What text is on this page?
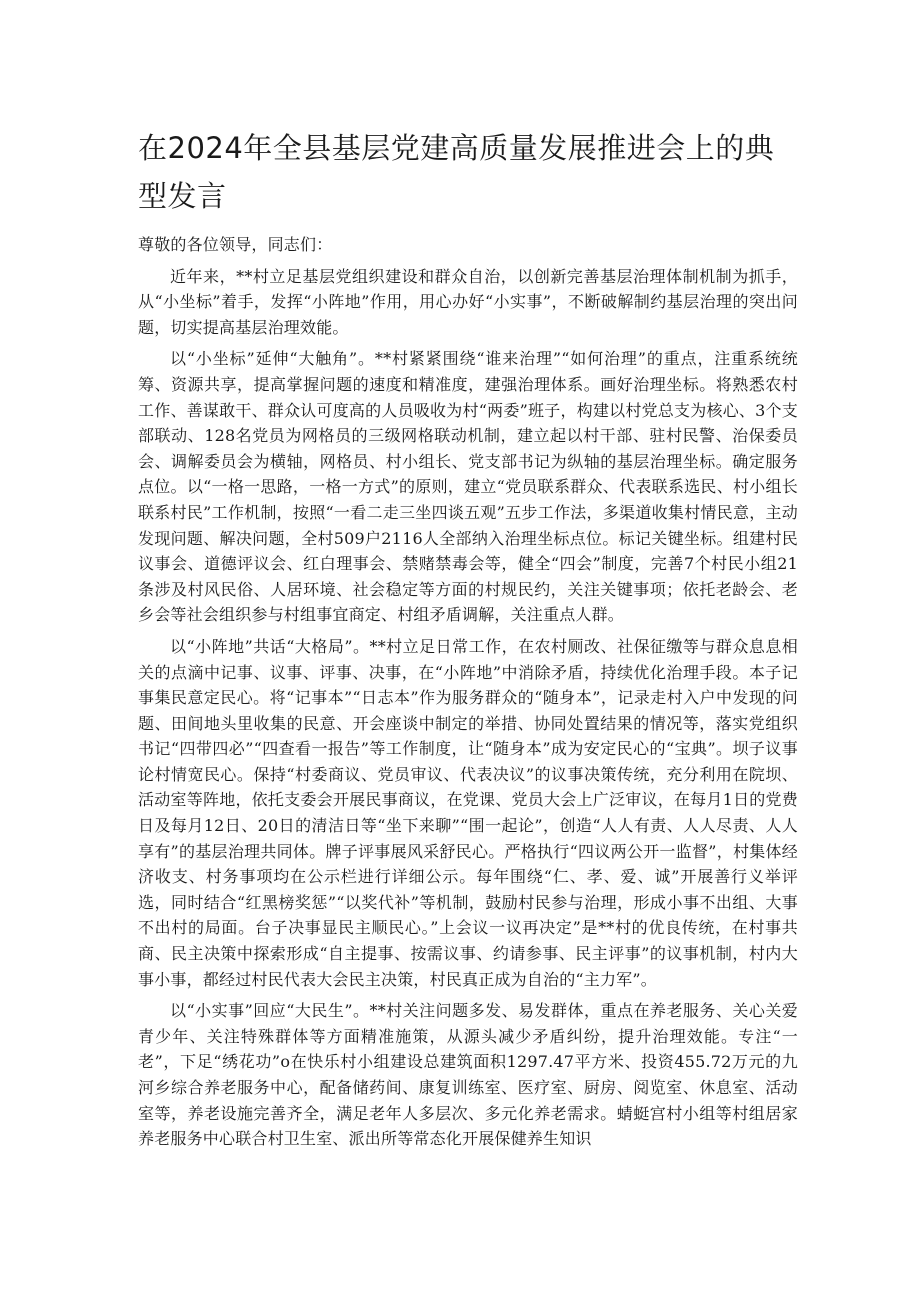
在2024年全县基层党建高质量发展推进会上的典型发言

尊敬的各位领导，同志们：

近年来，**村立足基层党组织建设和群众自治，以创新完善基层治理体制机制为抓手，从“小坐标”着手，发挥“小阵地”作用，用心办好“小实事”，不断破解制约基层治理的突出问题，切实提高基层治理效能。

以“小坐标”延伸“大触角”。**村紧紧围绕“谁来治理”“如何治理”的重点，注重系统统筹、资源共享，提高掌握问题的速度和精准度，建强治理体系。画好治理坐标。将熟悉农村工作、善谋敢干、群众认可度高的人员吸收为村“两委”班子，构建以村党总支为核心、3个支部联动、128名党员为网格员的三级网格联动机制，建立起以村干部、驻村民警、治保委员会、调解委员会为横轴，网格员、村小组长、党支部书记为纵轴的基层治理坐标。确定服务点位。以“一格一思路，一格一方式”的原则，建立“党员联系群众、代表联系选民、村小组长联系村民”工作机制，按照“一看二走三坐四谈五观”五步工作法，多渠道收集村情民意，主动发现问题、解决问题，全村509户2116人全部纳入治理坐标点位。标记关键坐标。组建村民议事会、道德评议会、红白理事会、禁赌禁毒会等，健全“四会”制度，完善7个村民小组21条涉及村风民俗、人居环境、社会稳定等方面的村规民约，关注关键事项；依托老龄会、老乡会等社会组织参与村组事宜商定、村组矛盾调解，关注重点人群。

以“小阵地”共话“大格局”。**村立足日常工作，在农村厕改、社保征缴等与群众息息相关的点滴中记事、议事、评事、决事，在“小阵地”中消除矛盾，持续优化治理手段。本子记事集民意定民心。将“记事本”“日志本”作为服务群众的“随身本”，记录走村入户中发现的问题、田间地头里收集的民意、开会座谈中制定的举措、协同处置结果的情况等，落实党组织书记“四带四必”“四查看一报告”等工作制度，让“随身本”成为安定民心的“宝典”。坝子议事论村情宽民心。保持“村委商议、党员审议、代表决议”的议事决策传统，充分利用在院坝、活动室等阵地，依托支委会开展民事商议，在党课、党员大会上广泛审议，在每月1日的党费日及每月12日、20日的清洁日等“坐下来聊”“围一起论”，创造“人人有责、人人尽责、人人享有”的基层治理共同体。牌子评事展风采舒民心。严格执行“四议两公开一监督”，村集体经济收支、村务事项均在公示栏进行详细公示。每年围绕“仁、孝、爱、诚”开展善行义举评选，同时结合“红黑榜奖惩”“以奖代补”等机制，鼓励村民参与治理，形成小事不出组、大事不出村的局面。台子决事显民主顺民心。”上会议一议再决定”是**村的优良传统，在村事共商、民主决策中探索形成“自主提事、按需议事、约请参事、民主评事”的议事机制，村内大事小事，都经过村民代表大会民主决策，村民真正成为自治的“主力军”。

以“小实事”回应“大民生”。**村关注问题多发、易发群体，重点在养老服务、关心关爱青少年、关注特殊群体等方面精准施策，从源头减少矛盾纠纷，提升治理效能。专注“一老”，下足“绣花功”o在快乐村小组建设总建筑面积1297.47平方米、投资455.72万元的九河乡综合养老服务中心，配备储药间、康复训练室、医疗室、厨房、阅览室、休息室、活动室等，养老设施完善齐全，满足老年人多层次、多元化养老需求。蜻蜓宫村小组等村组居家养老服务中心联合村卫生室、派出所等常态化开展保健养生知识
